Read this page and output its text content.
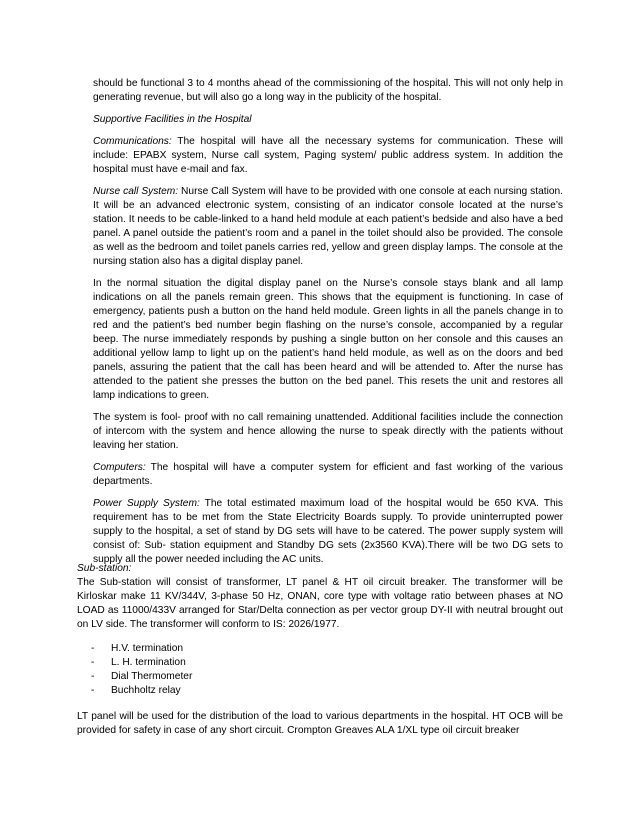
should be functional 3 to 4 months ahead of the commissioning of the hospital. This will not only help in generating revenue, but will also go a long way in the publicity of the hospital.

Supportive Facilities in the Hospital

Communications: The hospital will have all the necessary systems for communication. These will include: EPABX system, Nurse call system, Paging system/ public address system. In addition the hospital must have e-mail and fax.

Nurse call System: Nurse Call System will have to be provided with one console at each nursing station. It will be an advanced electronic system, consisting of an indicator console located at the nurse’s station. It needs to be cable-linked to a hand held module at each patient’s bedside and also have a bed panel. A panel outside the patient’s room and a panel in the toilet should also be provided. The console as well as the bedroom and toilet panels carries red, yellow and green display lamps. The console at the nursing station also has a digital display panel.

In the normal situation the digital display panel on the Nurse’s console stays blank and all lamp indications on all the panels remain green. This shows that the equipment is functioning. In case of emergency, patients push a button on the hand held module. Green lights in all the panels change in to red and the patient’s bed number begin flashing on the nurse’s console, accompanied by a regular beep. The nurse immediately responds by pushing a single button on her console and this causes an additional yellow lamp to light up on the patient’s hand held module, as well as on the doors and bed panels, assuring the patient that the call has been heard and will be attended to. After the nurse has attended to the patient she presses the button on the bed panel. This resets the unit and restores all lamp indications to green.

The system is fool- proof with no call remaining unattended. Additional facilities include the connection of intercom with the system and hence allowing the nurse to speak directly with the patients without leaving her station.

Computers: The hospital will have a computer system for efficient and fast working of the various departments.

Power Supply System: The total estimated maximum load of the hospital would be 650 KVA. This requirement has to be met from the State Electricity Boards supply. To provide uninterrupted power supply to the hospital, a set of stand by DG sets will have to be catered. The power supply system will consist of: Sub- station equipment and Standby DG sets (2x3560 KVA).There will be two DG sets to supply all the power needed including the AC units.

Sub-station:

The Sub-station will consist of transformer, LT panel & HT oil circuit breaker. The transformer will be Kirloskar make 11 KV/344V, 3-phase 50 Hz, ONAN, core type with voltage ratio between phases at NO LOAD as 11000/433V arranged for Star/Delta connection as per vector group DY-II with neutral brought out on LV side. The transformer will conform to IS: 2026/1977.

- H.V. termination
- L. H. termination
- Dial Thermometer
- Buchholtz relay

LT panel will be used for the distribution of the load to various departments in the hospital. HT OCB will be provided for safety in case of any short circuit. Crompton Greaves ALA 1/XL type oil circuit breaker
